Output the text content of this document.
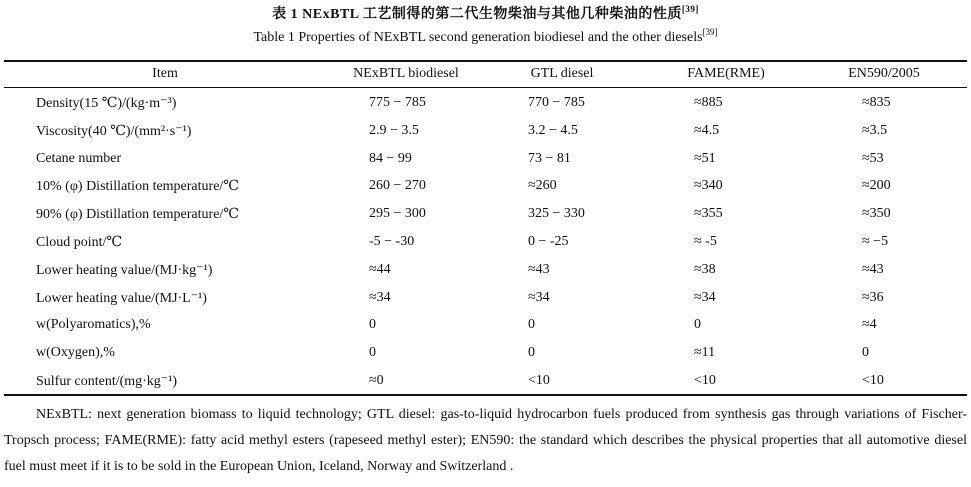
表 1 NExBTL 工艺制得的第二代生物柴油与其他几种柴油的性质[39]
Table 1 Properties of NExBTL second generation biodiesel and the other diesels[39]
Item	NExBTL biodiesel	GTL diesel	FAME(RME)	EN590/2005
Density(15 ℃)/(kg·m⁻³)	775 − 785	770 − 785	≈885	≈835
Viscosity(40 ℃)/(mm²·s⁻¹)	2.9 − 3.5	3.2 − 4.5	≈4.5	≈3.5
Cetane number	84 − 99	73 − 81	≈51	≈53
10% (φ) Distillation temperature/℃	260 − 270	≈260	≈340	≈200
90% (φ) Distillation temperature/℃	295 − 300	325 − 330	≈355	≈350
Cloud point/℃	-5 − -30	0 − -25	≈ -5	≈ −5
Lower heating value/(MJ·kg⁻¹)	≈44	≈43	≈38	≈43
Lower heating value/(MJ·L⁻¹)	≈34	≈34	≈34	≈36
w(Polyaromatics),%	0	0	0	≈4
w(Oxygen),%	0	0	≈11	0
Sulfur content/(mg·kg⁻¹)	≈0	<10	<10	<10
NExBTL: next generation biomass to liquid technology; GTL diesel: gas-to-liquid hydrocarbon fuels produced from synthesis gas through variations of Fischer-Tropsch process; FAME(RME): fatty acid methyl esters (rapeseed methyl ester); EN590: the standard which describes the physical properties that all automotive diesel fuel must meet if it is to be sold in the European Union, Iceland, Norway and Switzerland .
